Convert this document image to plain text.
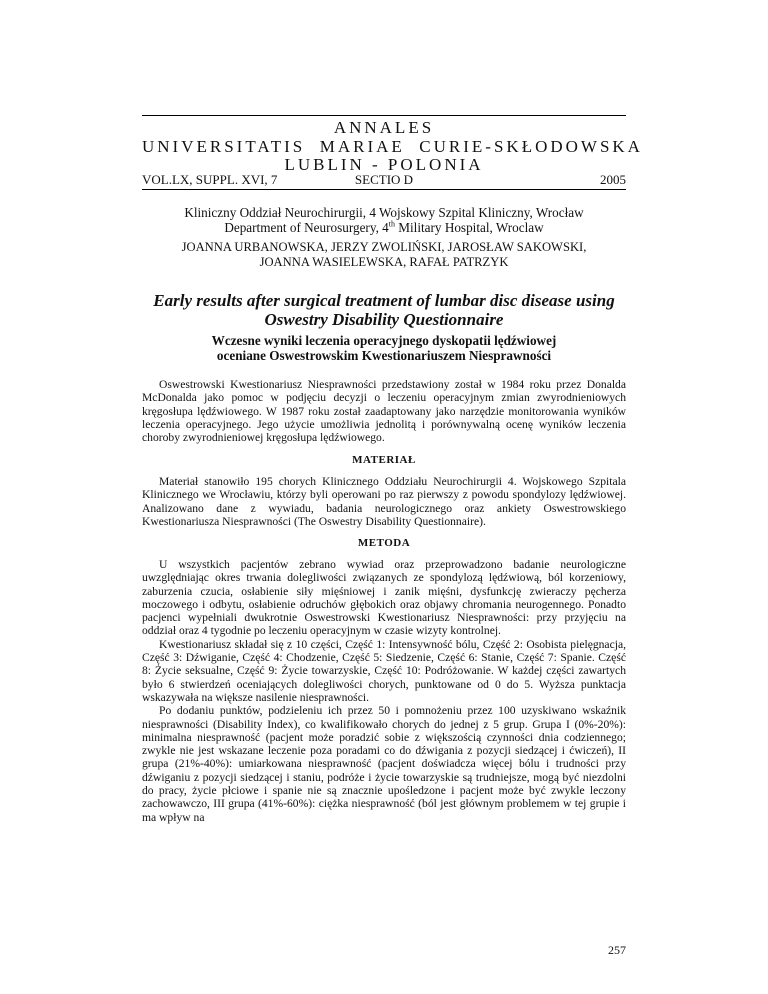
ANNALES
UNIVERSITATIS  MARIAE  CURIE-SKŁODOWSKA
LUBLIN - POLONIA
VOL.LX, SUPPL. XVI, 7	SECTIO D	2005
Kliniczny Oddział Neurochirurgii, 4 Wojskowy Szpital Kliniczny, Wrocław
Department of Neurosurgery, 4th Military Hospital, Wroclaw
JOANNA URBANOWSKA, JERZY ZWOLIŃSKI, JAROSŁAW SAKOWSKI,
JOANNA WASIELEWSKA, RAFAŁ PATRZYK
Early results after surgical treatment of lumbar disc disease using
Oswestry Disability Questionnaire
Wczesne wyniki leczenia operacyjnego dyskopatii lędźwiowej
oceniane Oswestrowskim Kwestionariuszem Niesprawności

Oswestrowski Kwestionariusz Niesprawności przedstawiony został w 1984 roku przez Donalda McDonalda jako pomoc w podjęciu decyzji o leczeniu operacyjnym zmian zwyrodnieniowych kręgosłupa lędźwiowego. W 1987 roku został zaadaptowany jako narzędzie monitorowania wyników leczenia operacyjnego. Jego użycie umożliwia jednolitą i porównywalną ocenę wyników leczenia choroby zwyrodnieniowej kręgosłupa lędźwiowego.

MATERIAŁ

Materiał stanowiło 195 chorych Klinicznego Oddziału Neurochirurgii 4. Wojskowego Szpitala Klinicznego we Wrocławiu, którzy byli operowani po raz pierwszy z powodu spondylozy lędźwiowej. Analizowano dane z wywiadu, badania neurologicznego oraz ankiety Oswestrowskiego Kwestionariusza Niesprawności (The Oswestry Disability Questionnaire).

METODA

U wszystkich pacjentów zebrano wywiad oraz przeprowadzono badanie neurologiczne uwzględniając okres trwania dolegliwości związanych ze spondylozą lędźwiową, ból korzeniowy, zaburzenia czucia, osłabienie siły mięśniowej i zanik mięśni, dysfunkcję zwieraczy pęcherza moczowego i odbytu, osłabienie odruchów głębokich oraz objawy chromania neurogennego. Ponadto pacjenci wypełniali dwukrotnie Oswestrowski Kwestionariusz Niesprawności: przy przyjęciu na oddział oraz 4 tygodnie po leczeniu operacyjnym w czasie wizyty kontrolnej.

Kwestionariusz składał się z 10 części, Część 1: Intensywność bólu, Część 2: Osobista pielęgnacja, Część 3: Dźwiganie, Część 4: Chodzenie, Część 5: Siedzenie, Część 6: Stanie, Część 7: Spanie. Część 8: Życie seksualne, Część 9: Życie towarzyskie, Część 10: Podróżowanie. W każdej części zawartych było 6 stwierdzeń oceniających dolegliwości chorych, punktowane od 0 do 5. Wyższa punktacja wskazywała na większe nasilenie niesprawności.

Po dodaniu punktów, podzieleniu ich przez 50 i pomnożeniu przez 100 uzyskiwano wskaźnik niesprawności (Disability Index), co kwalifikowało chorych do jednej z 5 grup. Grupa I (0%-20%): minimalna niesprawność (pacjent może poradzić sobie z większością czynności dnia codziennego; zwykle nie jest wskazane leczenie poza poradami co do dźwigania z pozycji siedzącej i ćwiczeń), II grupa (21%-40%): umiarkowana niesprawność (pacjent doświadcza więcej bólu i trudności przy dźwiganiu z pozycji siedzącej i staniu, podróże i życie towarzyskie są trudniejsze, mogą być niezdolni do pracy, życie płciowe i spanie nie są znacznie upośledzone i pacjent może być zwykle leczony zachowawczo, III grupa (41%-60%): ciężka niesprawność (ból jest głównym problemem w tej grupie i ma wpływ na

257
